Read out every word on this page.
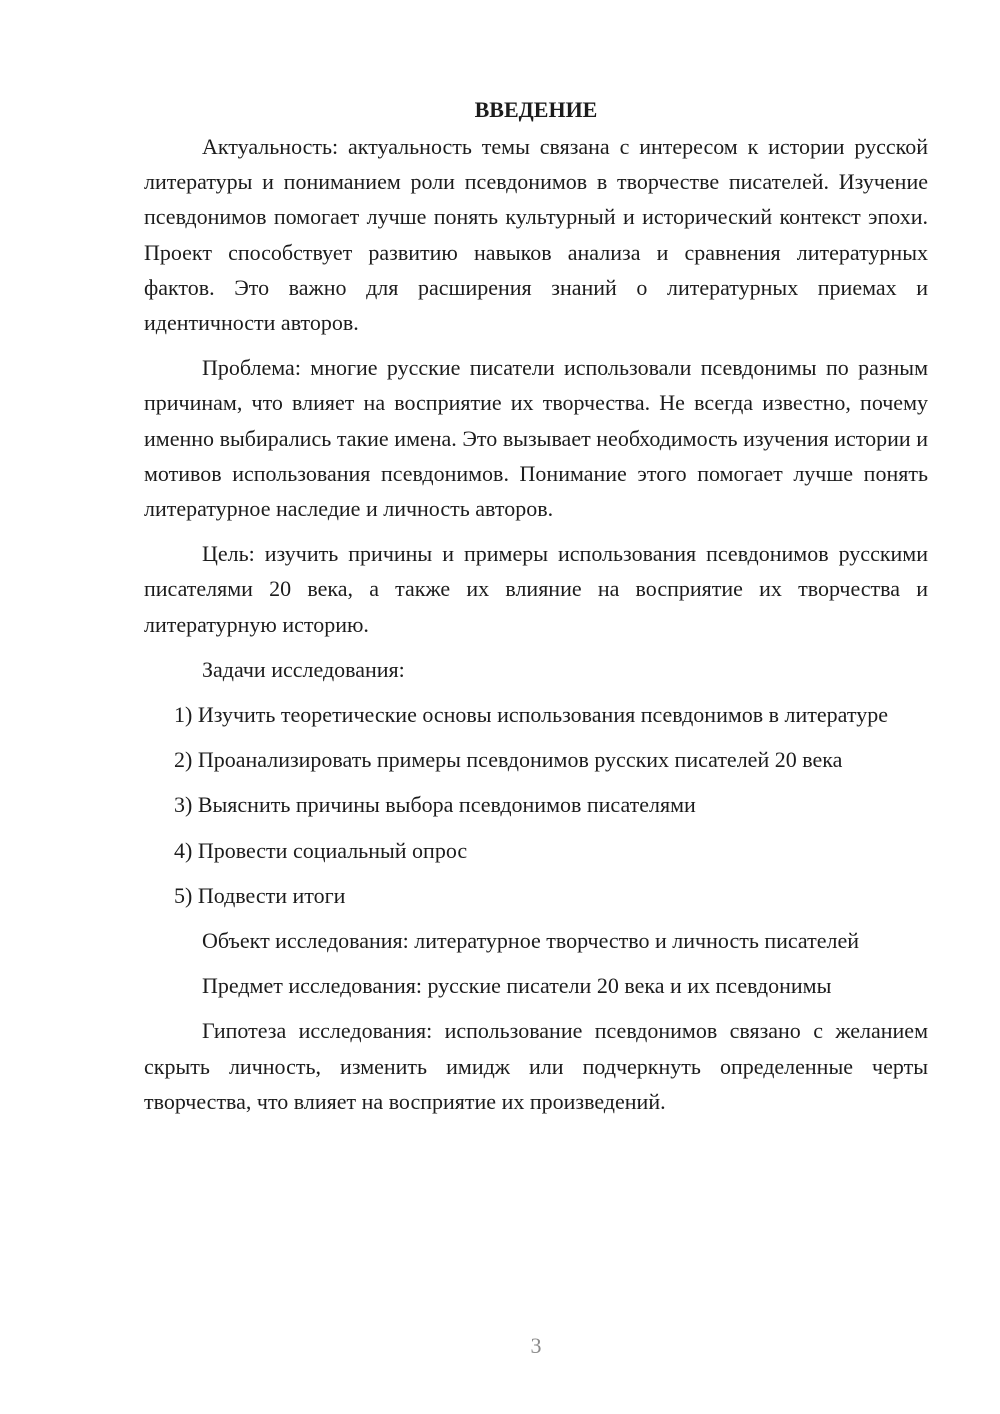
ВВЕДЕНИЕ

Актуальность: актуальность темы связана с интересом к истории русской литературы и пониманием роли псевдонимов в творчестве писателей. Изучение псевдонимов помогает лучше понять культурный и исторический контекст эпохи. Проект способствует развитию навыков анализа и сравнения литературных фактов. Это важно для расширения знаний о литературных приемах и идентичности авторов.

Проблема: многие русские писатели использовали псевдонимы по разным причинам, что влияет на восприятие их творчества. Не всегда известно, почему именно выбирались такие имена. Это вызывает необходимость изучения истории и мотивов использования псевдонимов. Понимание этого помогает лучше понять литературное наследие и личность авторов.

Цель: изучить причины и примеры использования псевдонимов русскими писателями 20 века, а также их влияние на восприятие их творчества и литературную историю.

Задачи исследования:

1) Изучить теоретические основы использования псевдонимов в литературе

2) Проанализировать примеры псевдонимов русских писателей 20 века

3) Выяснить причины выбора псевдонимов писателями

4) Провести социальный опрос

5) Подвести итоги

Объект исследования: литературное творчество и личность писателей

Предмет исследования: русские писатели 20 века и их псевдонимы

Гипотеза исследования: использование псевдонимов связано с желанием скрыть личность, изменить имидж или подчеркнуть определенные черты творчества, что влияет на восприятие их произведений.

3
